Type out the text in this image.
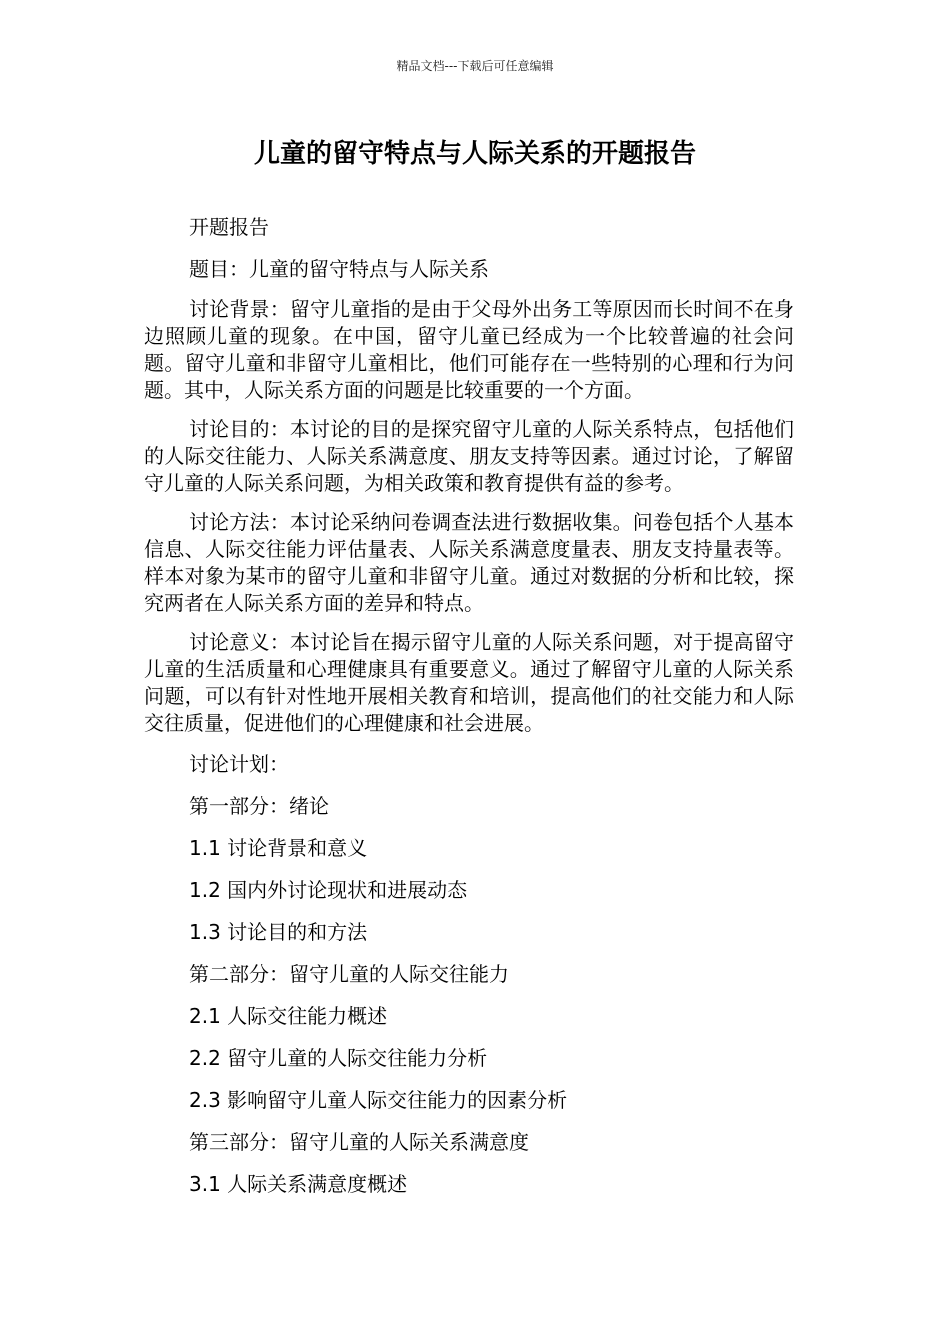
精品文档---下载后可任意编辑
儿童的留守特点与人际关系的开题报告

开题报告

题目：儿童的留守特点与人际关系

讨论背景：留守儿童指的是由于父母外出务工等原因而长时间不在身边照顾儿童的现象。在中国，留守儿童已经成为一个比较普遍的社会问题。留守儿童和非留守儿童相比，他们可能存在一些特别的心理和行为问题。其中，人际关系方面的问题是比较重要的一个方面。

讨论目的：本讨论的目的是探究留守儿童的人际关系特点，包括他们的人际交往能力、人际关系满意度、朋友支持等因素。通过讨论，了解留守儿童的人际关系问题，为相关政策和教育提供有益的参考。

讨论方法：本讨论采纳问卷调查法进行数据收集。问卷包括个人基本信息、人际交往能力评估量表、人际关系满意度量表、朋友支持量表等。样本对象为某市的留守儿童和非留守儿童。通过对数据的分析和比较，探究两者在人际关系方面的差异和特点。

讨论意义：本讨论旨在揭示留守儿童的人际关系问题，对于提高留守儿童的生活质量和心理健康具有重要意义。通过了解留守儿童的人际关系问题，可以有针对性地开展相关教育和培训，提高他们的社交能力和人际交往质量，促进他们的心理健康和社会进展。

讨论计划：

第一部分：绪论

1.1 讨论背景和意义

1.2 国内外讨论现状和进展动态

1.3 讨论目的和方法

第二部分：留守儿童的人际交往能力

2.1 人际交往能力概述

2.2 留守儿童的人际交往能力分析

2.3 影响留守儿童人际交往能力的因素分析

第三部分：留守儿童的人际关系满意度

3.1 人际关系满意度概述
